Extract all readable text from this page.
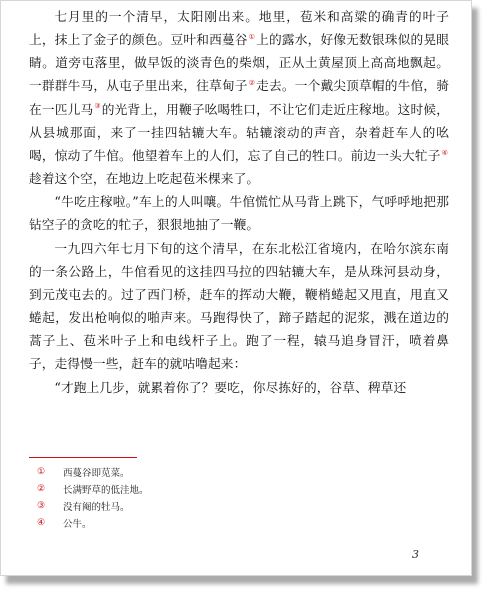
七月里的一个清早，太阳刚出来。地里，苞米和高粱的确青的叶子上，抹上了金子的颜色。豆叶和西蔓谷①上的露水，好像无数银珠似的晃眼睛。道旁屯落里，做早饭的淡青色的柴烟，正从土黄屋顶上高高地飘起。一群群牛马，从屯子里出来，往草甸子②走去。一个戴尖顶草帽的牛倌，骑在一匹儿马③的光背上，用鞭子吆喝牲口，不让它们走近庄稼地。这时候，从县城那面，来了一挂四轱辘大车。轱辘滚动的声音，杂着赶车人的吆喝，惊动了牛倌。他望着车上的人们，忘了自己的牲口。前边一头大牤子④趁着这个空，在地边上吃起苞米棵来了。

“牛吃庄稼啦。”车上的人叫嚷。牛倌慌忙从马背上跳下，气呼呼地把那钻空子的贪吃的牤子，狠狠地抽了一鞭。

一九四六年七月下旬的这个清早，在东北松江省境内，在哈尔滨东南的一条公路上，牛倌看见的这挂四马拉的四轱辘大车，是从珠河县动身，到元茂屯去的。过了西门桥，赶车的挥动大鞭，鞭梢蜷起又甩直，甩直又蜷起，发出枪响似的啪声来。马跑得快了，蹄子踏起的泥浆，溅在道边的蒿子上、苞米叶子上和电线杆子上。跑了一程，辕马追身冒汗，喷着鼻子，走得慢一些，赶车的就咕噜起来：

“才跑上几步，就累着你了？要吃，你尽拣好的，谷草、稗草还

①	西蔓谷即苋菜。
②	长满野草的低洼地。
③	没有阉的牡马。
④	公牛。
3
